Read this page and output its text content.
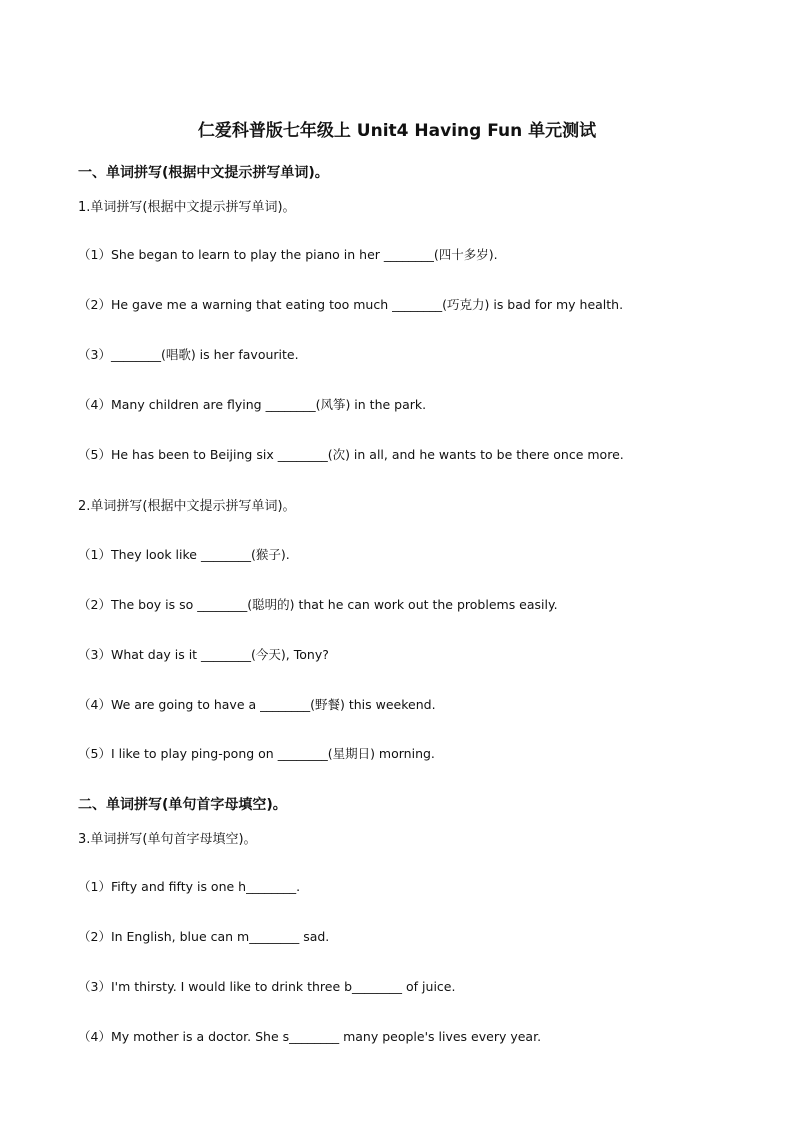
仁爱科普版七年级上 Unit4 Having Fun 单元测试
一、单词拼写(根据中文提示拼写单词)。
1.单词拼写(根据中文提示拼写单词)。
（1）She began to learn to play the piano in her ________(四十多岁).
（2）He gave me a warning that eating too much ________(巧克力) is bad for my health.
（3）________(唱歌) is her favourite.
（4）Many children are flying ________(风筝) in the park.
（5）He has been to Beijing six ________(次) in all, and he wants to be there once more.
2.单词拼写(根据中文提示拼写单词)。
（1）They look like ________(猴子).
（2）The boy is so ________(聪明的) that he can work out the problems easily.
（3）What day is it ________(今天), Tony?
（4）We are going to have a ________(野餐) this weekend.
（5）I like to play ping-pong on ________(星期日) morning.
二、单词拼写(单句首字母填空)。
3.单词拼写(单句首字母填空)。
（1）Fifty and fifty is one h________.
（2）In English, blue can m________ sad.
（3）I'm thirsty. I would like to drink three b________ of juice.
（4）My mother is a doctor. She s________ many people's lives every year.
